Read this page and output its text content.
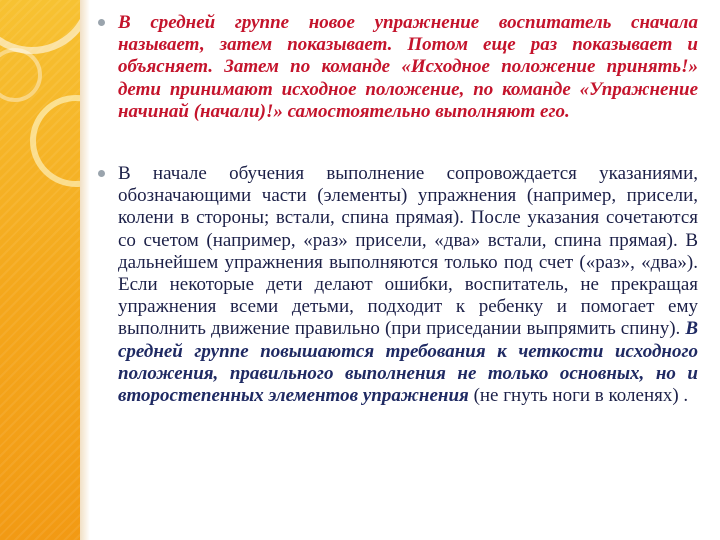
В средней группе новое упражнение воспитатель сначала называет, затем показывает. Потом еще раз показывает и объясняет. Затем по команде «Исходное положение принять!» дети принимают исходное положение, по команде «Упражнение начинай (начали)!» самостоятельно выполняют его.
В начале обучения выполнение сопровождается указаниями, обозначающими части (элементы) упражнения (например, присели, колени в стороны; встали, спина прямая). После указания сочетаются со счетом (например, «раз» присели, «два» встали, спина прямая). В дальнейшем упражнения выполняются только под счет («раз», «два»). Если некоторые дети делают ошибки, воспитатель, не прекращая упражнения всеми детьми, подходит к ребенку и помогает ему выполнить движение правильно (при приседании выпрямить спину). В средней группе повышаются требования к четкости исходного положения, правильного выполнения не только основных, но и второстепенных элементов упражнения (не гнуть ноги в коленях) .
